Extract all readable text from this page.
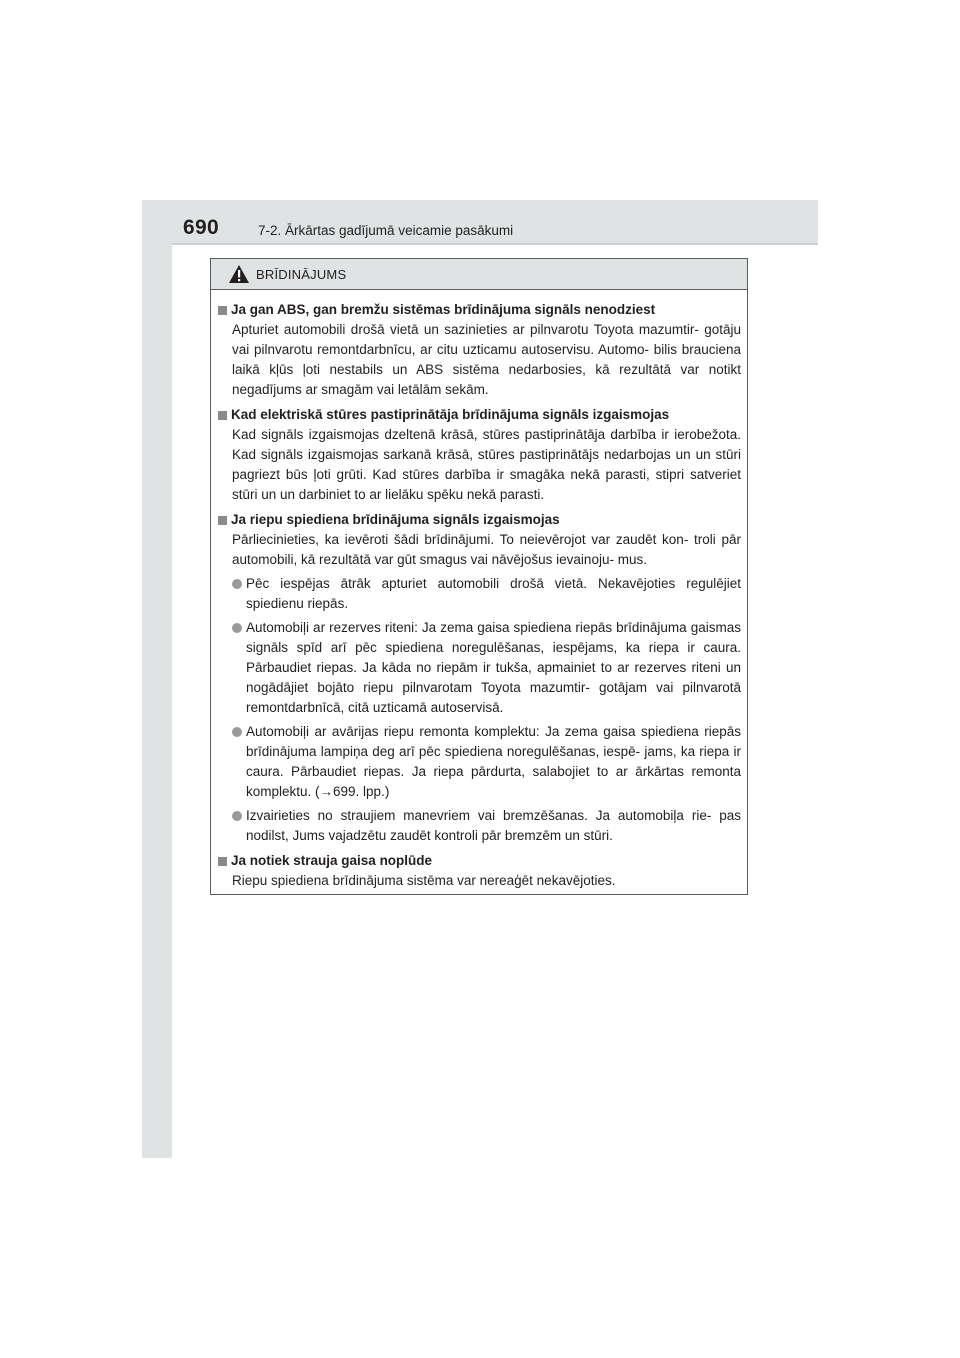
690	7-2. Ārkārtas gadījumā veicamie pasākumi
BRĪDINĀJUMS
Ja gan ABS, gan bremžu sistēmas brīdinājuma signāls nenodziest

Apturiet automobili drošā vietā un sazinieties ar pilnvarotu Toyota mazumtir- gotāju vai pilnvarotu remontdarbnīcu, ar citu uzticamu autoservisu. Automo- bilis brauciena laikā kļūs ļoti nestabils un ABS sistēma nedarbosies, kā rezultātā var notikt negadījums ar smagām vai letālām sekām.

Kad elektriskā stūres pastiprinātāja brīdinājuma signāls izgaismojas

Kad signāls izgaismojas dzeltenā krāsā, stūres pastiprinātāja darbība ir ierobežota. Kad signāls izgaismojas sarkanā krāsā, stūres pastiprinātājs nedarbojas un un stūri pagriezt būs ļoti grūti. Kad stūres darbība ir smagāka nekā parasti, stipri satveriet stūri un un darbiniet to ar lielāku spēku nekā parasti.

Ja riepu spiediena brīdinājuma signāls izgaismojas

Pārliecinieties, ka ievēroti šādi brīdinājumi. To neievērojot var zaudēt kon- troli pār automobili, kā rezultātā var gūt smagus vai nāvējošus ievainoju- mus.

Pēc iespējas ātrāk apturiet automobili drošā vietā. Nekavējoties regulējiet spiedienu riepās.
Automobiļi ar rezerves riteni: Ja zema gaisa spiediena riepās brīdinājuma gaismas signāls spīd arī pēc spiediena noregulēšanas, iespējams, ka riepa ir caura. Pārbaudiet riepas. Ja kāda no riepām ir tukša, apmainiet to ar rezerves riteni un nogādājiet bojāto riepu pilnvarotam Toyota mazumtir- gotājam vai pilnvarotā remontdarbnīcā, citā uzticamā autoservisā.
Automobiļi ar avārijas riepu remonta komplektu: Ja zema gaisa spiediena riepās brīdinājuma lampiņa deg arī pēc spiediena noregulēšanas, iespē- jams, ka riepa ir caura. Pārbaudiet riepas. Ja riepa pārdurta, salabojiet to ar ārkārtas remonta komplektu. (→699. lpp.)
Izvairieties no straujiem manevriem vai bremzēšanas. Ja automobiļa rie- pas nodilst, Jums vajadzētu zaudēt kontroli pār bremzēm un stūri.
Ja notiek strauja gaisa noplūde

Riepu spiediena brīdinājuma sistēma var nereaģēt nekavējoties.
